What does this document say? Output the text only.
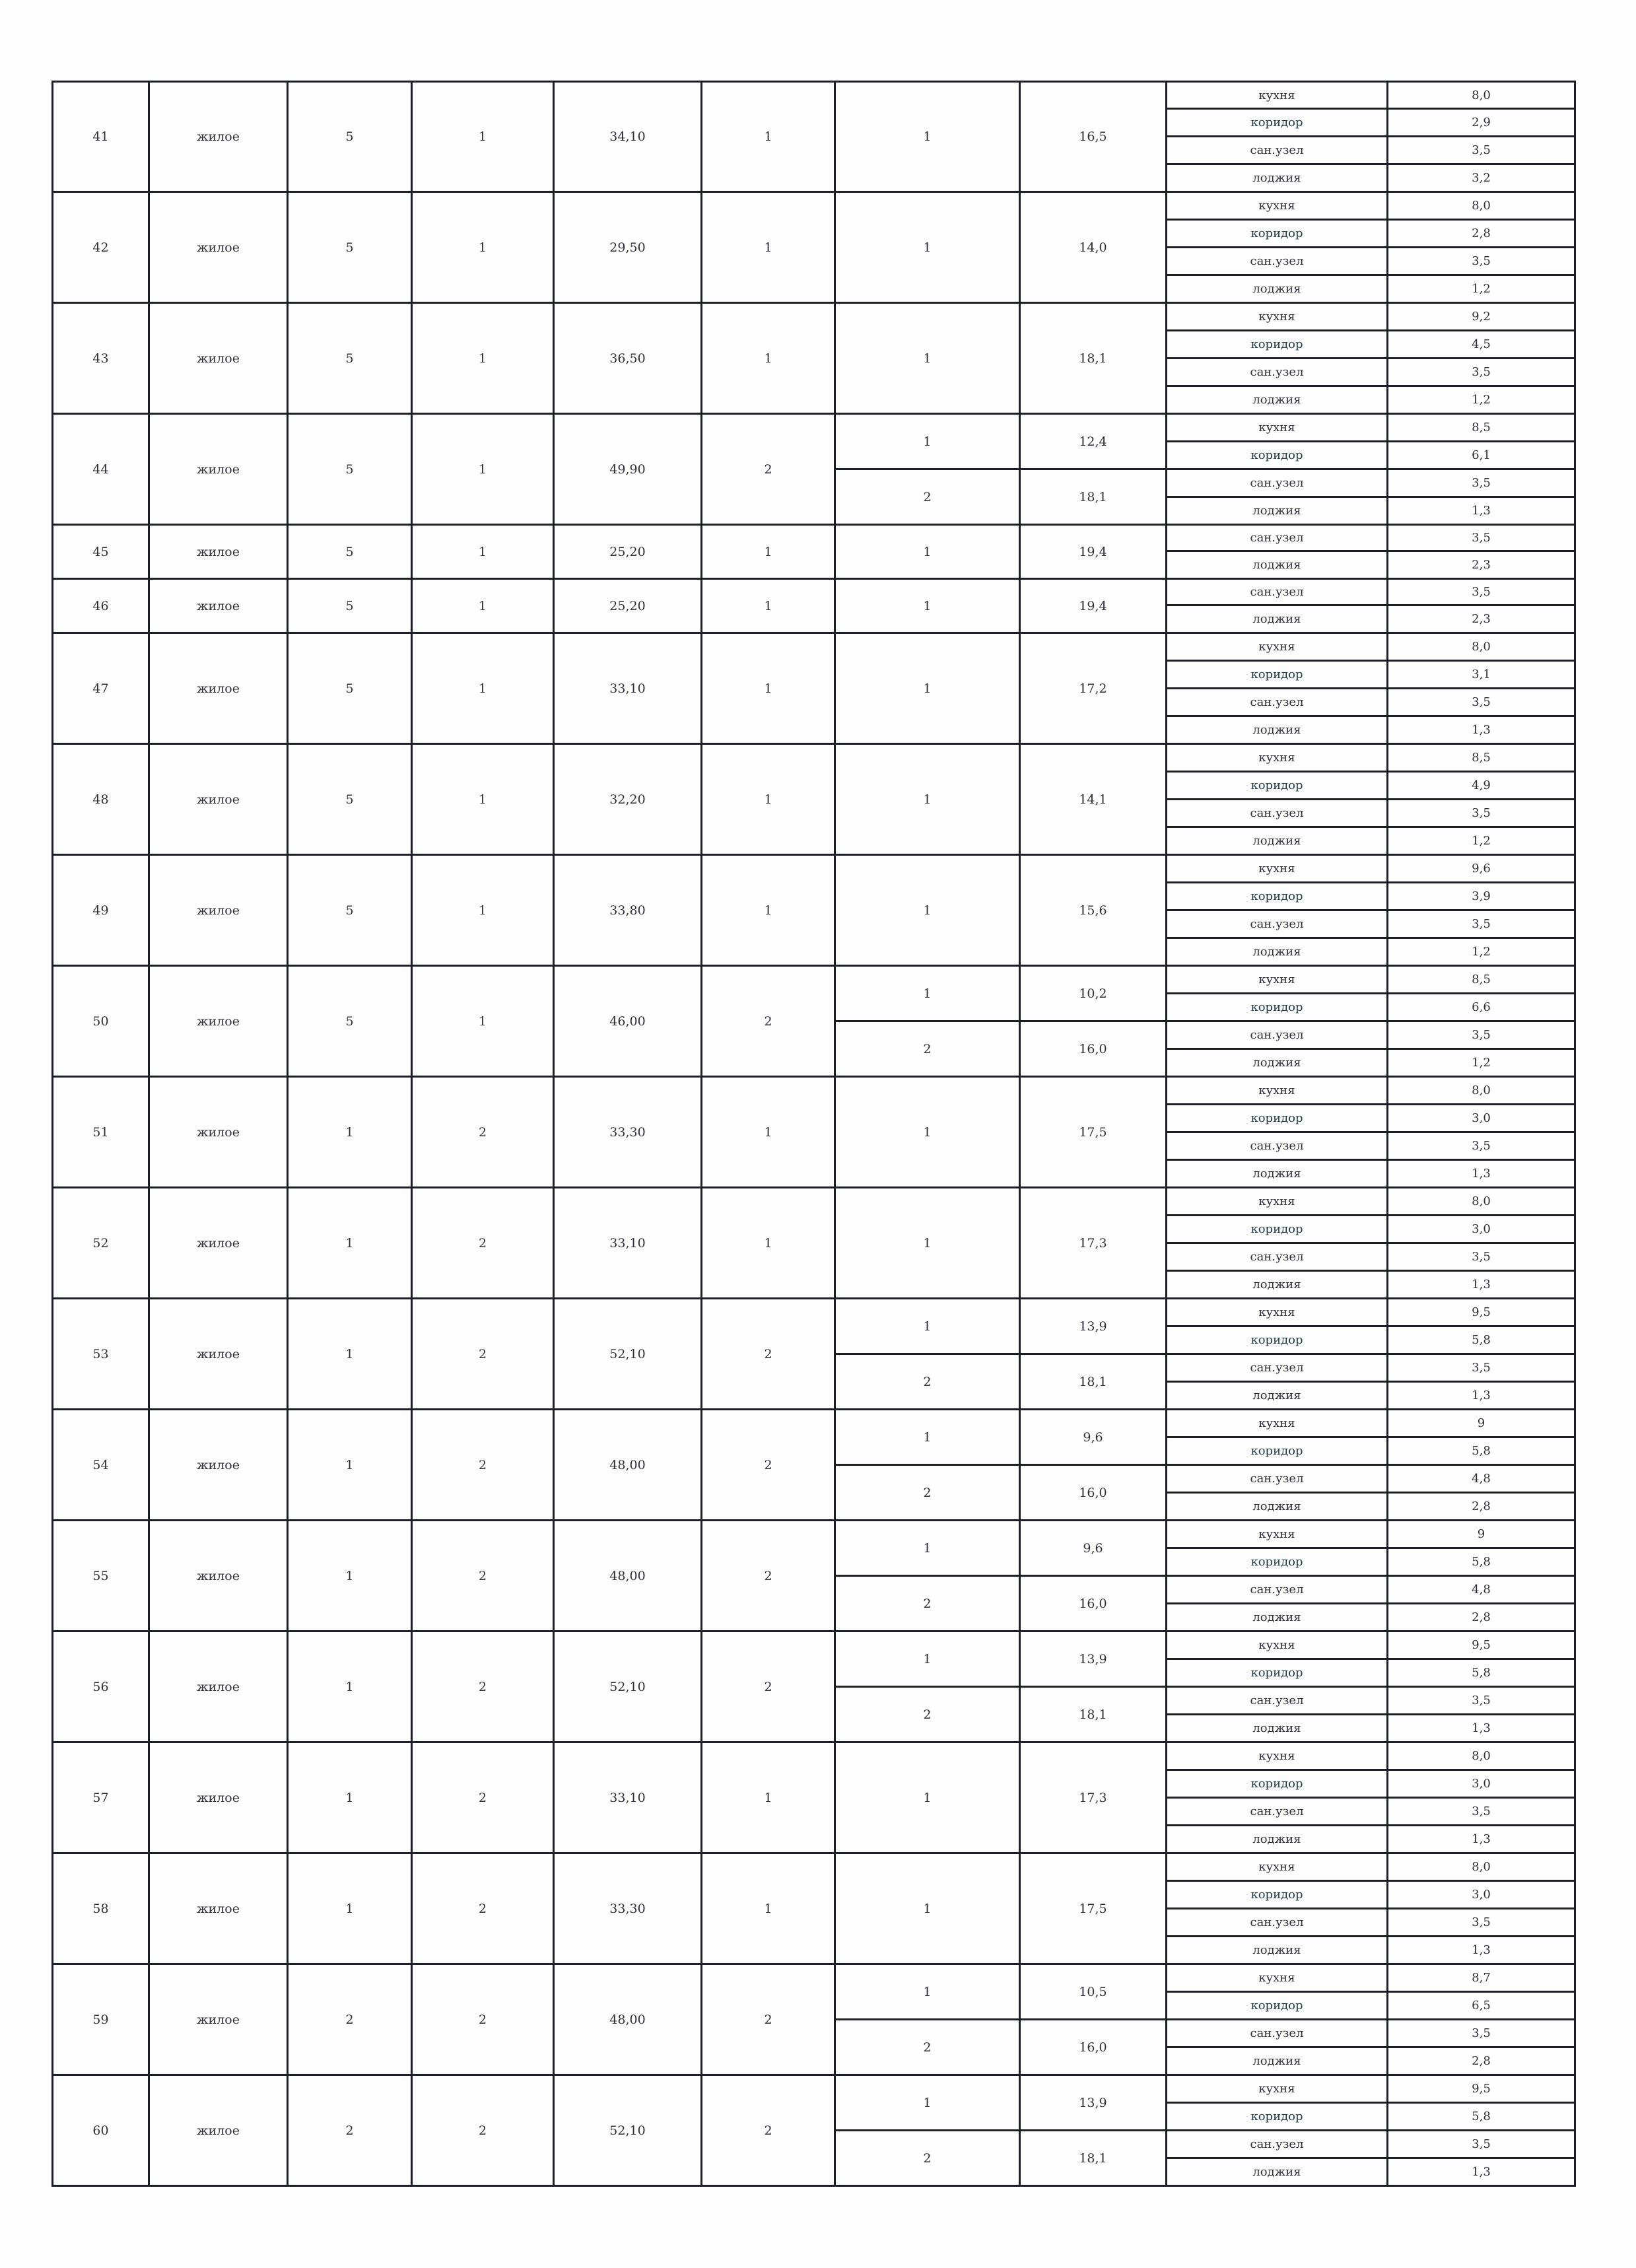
41	жилое	5	1	34,10	1	1	16,5	кухня	8,0
								коридор	2,9
								сан.узел	3,5
								лоджия	3,2
42	жилое	5	1	29,50	1	1	14,0	кухня	8,0
								коридор	2,8
								сан.узел	3,5
								лоджия	1,2
43	жилое	5	1	36,50	1	1	18,1	кухня	9,2
								коридор	4,5
								сан.узел	3,5
								лоджия	1,2
44	жилое	5	1	49,90	2	1	12,4	кухня	8,5
								коридор	6,1
						2	18,1	сан.узел	3,5
								лоджия	1,3
45	жилое	5	1	25,20	1	1	19,4	сан.узел	3,5
								лоджия	2,3
46	жилое	5	1	25,20	1	1	19,4	сан.узел	3,5
								лоджия	2,3
47	жилое	5	1	33,10	1	1	17,2	кухня	8,0
								коридор	3,1
								сан.узел	3,5
								лоджия	1,3
48	жилое	5	1	32,20	1	1	14,1	кухня	8,5
								коридор	4,9
								сан.узел	3,5
								лоджия	1,2
49	жилое	5	1	33,80	1	1	15,6	кухня	9,6
								коридор	3,9
								сан.узел	3,5
								лоджия	1,2
50	жилое	5	1	46,00	2	1	10,2	кухня	8,5
								коридор	6,6
						2	16,0	сан.узел	3,5
								лоджия	1,2
51	жилое	1	2	33,30	1	1	17,5	кухня	8,0
								коридор	3,0
								сан.узел	3,5
								лоджия	1,3
52	жилое	1	2	33,10	1	1	17,3	кухня	8,0
								коридор	3,0
								сан.узел	3,5
								лоджия	1,3
53	жилое	1	2	52,10	2	1	13,9	кухня	9,5
								коридор	5,8
						2	18,1	сан.узел	3,5
								лоджия	1,3
54	жилое	1	2	48,00	2	1	9,6	кухня	9
								коридор	5,8
						2	16,0	сан.узел	4,8
								лоджия	2,8
55	жилое	1	2	48,00	2	1	9,6	кухня	9
								коридор	5,8
						2	16,0	сан.узел	4,8
								лоджия	2,8
56	жилое	1	2	52,10	2	1	13,9	кухня	9,5
								коридор	5,8
						2	18,1	сан.узел	3,5
								лоджия	1,3
57	жилое	1	2	33,10	1	1	17,3	кухня	8,0
								коридор	3,0
								сан.узел	3,5
								лоджия	1,3
58	жилое	1	2	33,30	1	1	17,5	кухня	8,0
								коридор	3,0
								сан.узел	3,5
								лоджия	1,3
59	жилое	2	2	48,00	2	1	10,5	кухня	8,7
								коридор	6,5
						2	16,0	сан.узел	3,5
								лоджия	2,8
60	жилое	2	2	52,10	2	1	13,9	кухня	9,5
								коридор	5,8
						2	18,1	сан.узел	3,5
								лоджия	1,3
